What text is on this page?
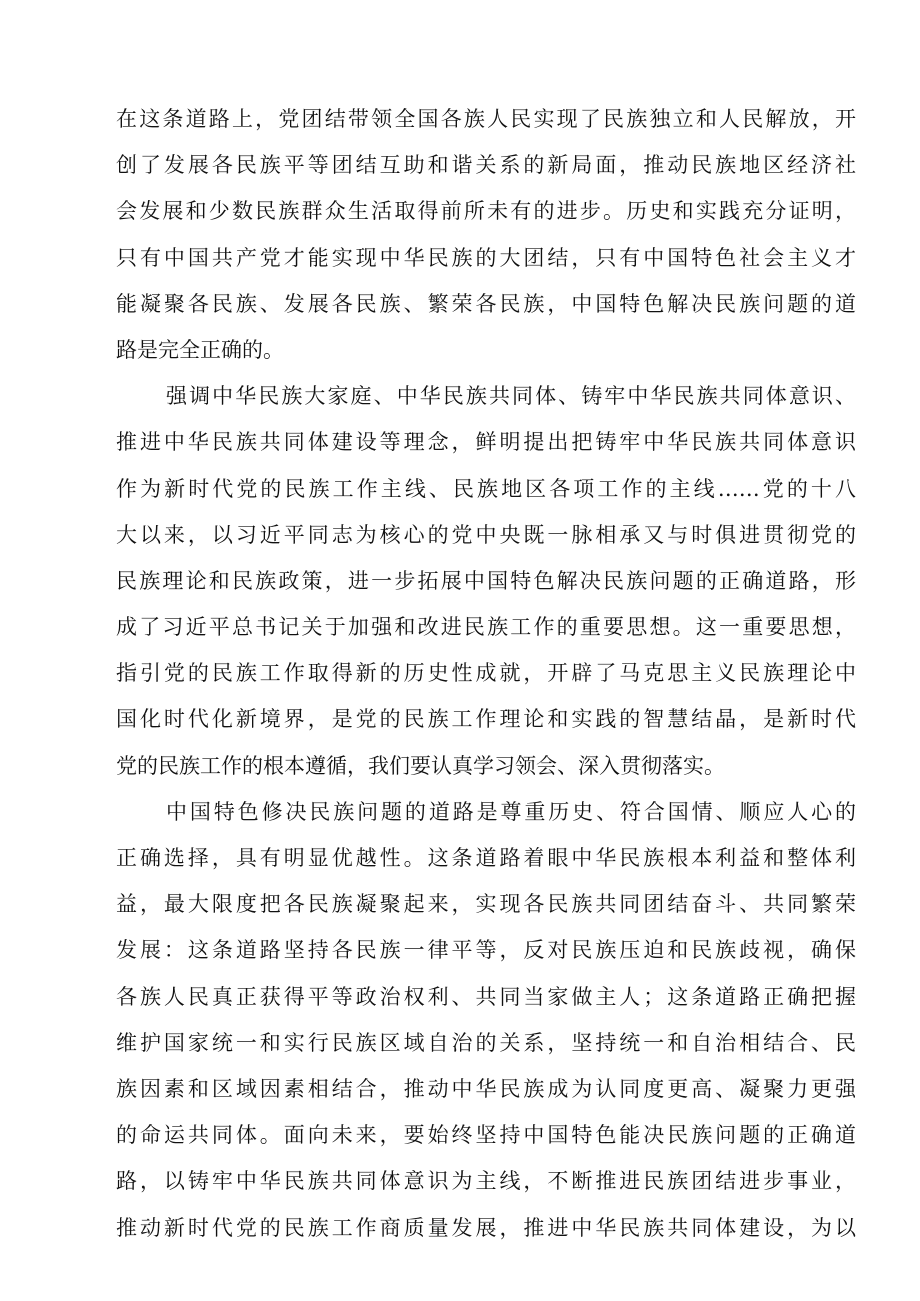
在这条道路上，党团结带领全国各族人民实现了民族独立和人民解放，开
创了发展各民族平等团结互助和谐关系的新局面，推动民族地区经济社
会发展和少数民族群众生活取得前所未有的进步。历史和实践充分证明，
只有中国共产党才能实现中华民族的大团结，只有中国特色社会主义才
能凝聚各民族、发展各民族、繁荣各民族，中国特色解决民族问题的道
路是完全正确的。
强调中华民族大家庭、中华民族共同体、铸牢中华民族共同体意识、
推进中华民族共同体建设等理念，鲜明提出把铸牢中华民族共同体意识
作为新时代党的民族工作主线、民族地区各项工作的主线……党的十八
大以来，以习近平同志为核心的党中央既一脉相承又与时俱进贯彻党的
民族理论和民族政策，进一步拓展中国特色解决民族问题的正确道路，形
成了习近平总书记关于加强和改进民族工作的重要思想。这一重要思想，
指引党的民族工作取得新的历史性成就，开辟了马克思主义民族理论中
国化时代化新境界，是党的民族工作理论和实践的智慧结晶，是新时代
党的民族工作的根本遵循，我们要认真学习领会、深入贯彻落实。
中国特色修决民族问题的道路是尊重历史、符合国情、顺应人心的
正确选择，具有明显优越性。这条道路着眼中华民族根本利益和整体利
益，最大限度把各民族凝聚起来，实现各民族共同团结奋斗、共同繁荣
发展：这条道路坚持各民族一律平等，反对民族压迫和民族歧视，确保
各族人民真正获得平等政治权利、共同当家做主人；这条道路正确把握
维护国家统一和实行民族区域自治的关系，坚持统一和自治相结合、民
族因素和区域因素相结合，推动中华民族成为认同度更高、凝聚力更强
的命运共同体。面向未来，要始终坚持中国特色能决民族问题的正确道
路，以铸牢中华民族共同体意识为主线，不断推进民族团结进步事业，
推动新时代党的民族工作商质量发展，推进中华民族共同体建设，为以
